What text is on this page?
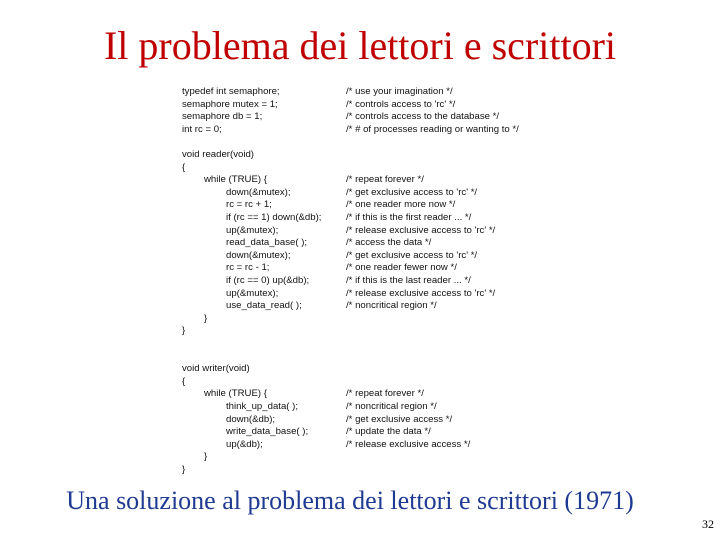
Il problema dei lettori e scrittori
typedef int semaphore;	/* use your imagination */
semaphore mutex = 1;	/* controls access to 'rc' */
semaphore db = 1;	/* controls access to the database */
int rc = 0;	/* # of processes reading or wanting to */
void reader(void)
{
while (TRUE) {	/* repeat forever */
down(&mutex);	/* get exclusive access to 'rc' */
rc = rc + 1;	/* one reader more now */
if (rc == 1) down(&db);	/* if this is the first reader ... */
up(&mutex);	/* release exclusive access to 'rc' */
read_data_base( );	/* access the data */
down(&mutex);	/* get exclusive access to 'rc' */
rc = rc - 1;	/* one reader fewer now */
if (rc == 0) up(&db);	/* if this is the last reader ... */
up(&mutex);	/* release exclusive access to 'rc' */
use_data_read( );	/* noncritical region */
}
}
void writer(void)
{
while (TRUE) {	/* repeat forever */
think_up_data( );	/* noncritical region */
down(&db);	/* get exclusive access */
write_data_base( );	/* update the data */
up(&db);	/* release exclusive access */
}
}
Una soluzione al problema dei lettori e scrittori (1971)
32
